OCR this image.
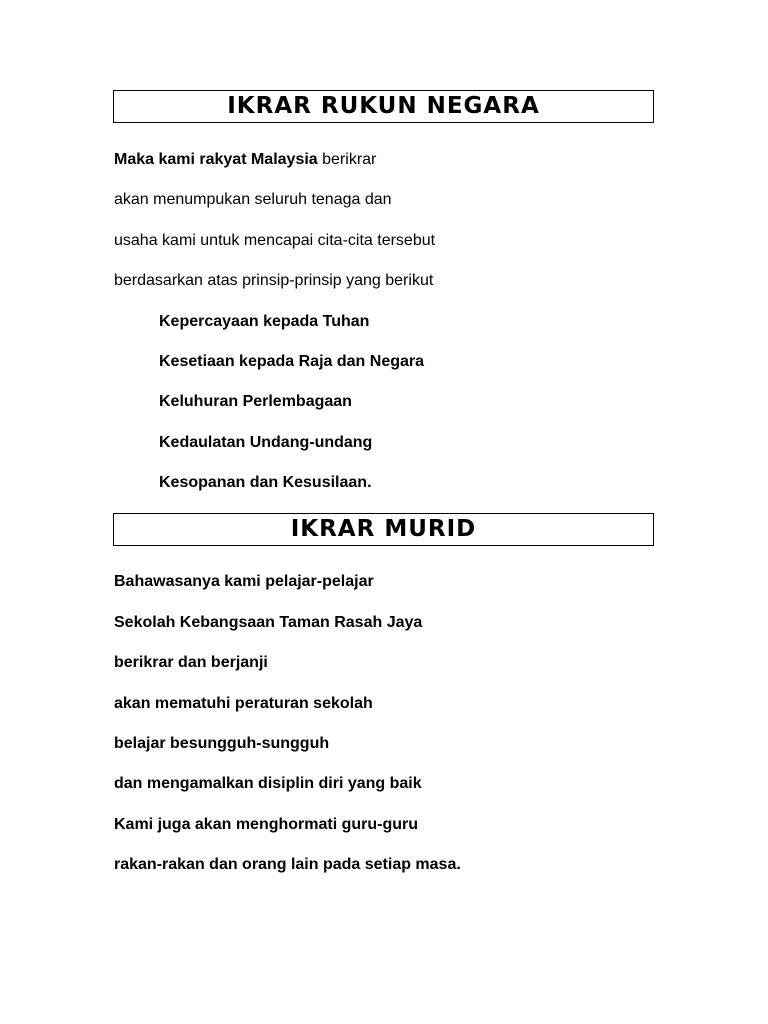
IKRAR RUKUN NEGARA
Maka kami rakyat Malaysia berikrar
akan menumpukan seluruh tenaga dan
usaha kami untuk mencapai cita-cita tersebut
berdasarkan atas prinsip-prinsip yang berikut
Kepercayaan kepada Tuhan
Kesetiaan kepada Raja dan Negara
Keluhuran Perlembagaan
Kedaulatan Undang-undang
Kesopanan dan Kesusilaan.
IKRAR MURID
Bahawasanya kami pelajar-pelajar
Sekolah Kebangsaan Taman Rasah Jaya
berikrar dan berjanji
akan mematuhi peraturan sekolah
belajar besungguh-sungguh
dan mengamalkan disiplin diri yang baik
Kami juga akan menghormati guru-guru
rakan-rakan dan orang lain pada setiap masa.
